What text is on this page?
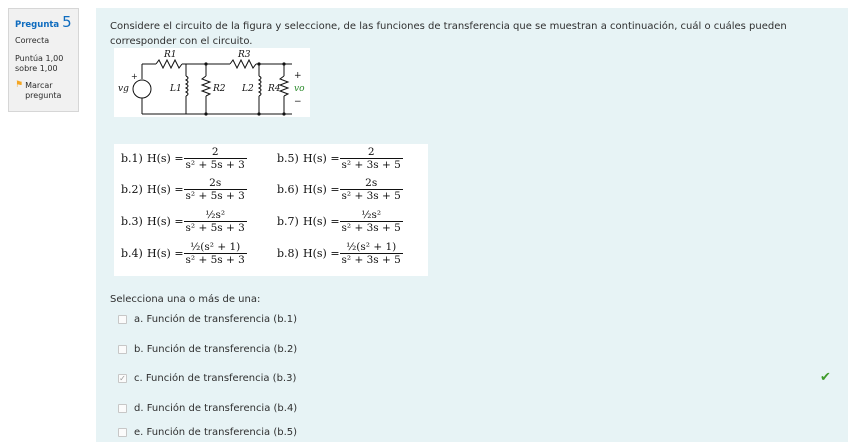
Pregunta 5
Correcta
Puntúa 1,00
sobre 1,00
⚑ Marcar
pregunta
Considere el circuito de la figura y seleccione, de las funciones de transferencia que se muestran a continuación, cuál o cuáles pueden corresponder con el circuito.
R1	R3
L1	R2 L2 R4
vg	vo
+
−
+
b.1) $H(s) = \frac{2}{\text{s² + 5s + 3}}$
b.2) $H(s) = \frac{2s}{\text{s² + 5s + 3}}$
b.3) $H(s) = \frac{\text{½s²}}{\text{s² + 5s + 3}}$
b.4) $H(s) = \frac{\text{½(s² + 1)}}{\text{s² + 5s + 3}}$
b.5) $H(s) = \frac{2}{\text{s² + 3s + 5}}$
b.6) $H(s) = \frac{2s}{\text{s² + 3s + 5}}$
b.7) $H(s) = \frac{\text{½s²}}{\text{s² + 3s + 5}}$
b.8) $H(s) = \frac{\text{½(s² + 1)}}{\text{s² + 3s + 5}}$
Selecciona una o más de una:
a. Función de transferencia (b.1)
b. Función de transferencia (b.2)
✓ c. Función de transferencia (b.3)	✔
d. Función de transferencia (b.4)
e. Función de transferencia (b.5)
